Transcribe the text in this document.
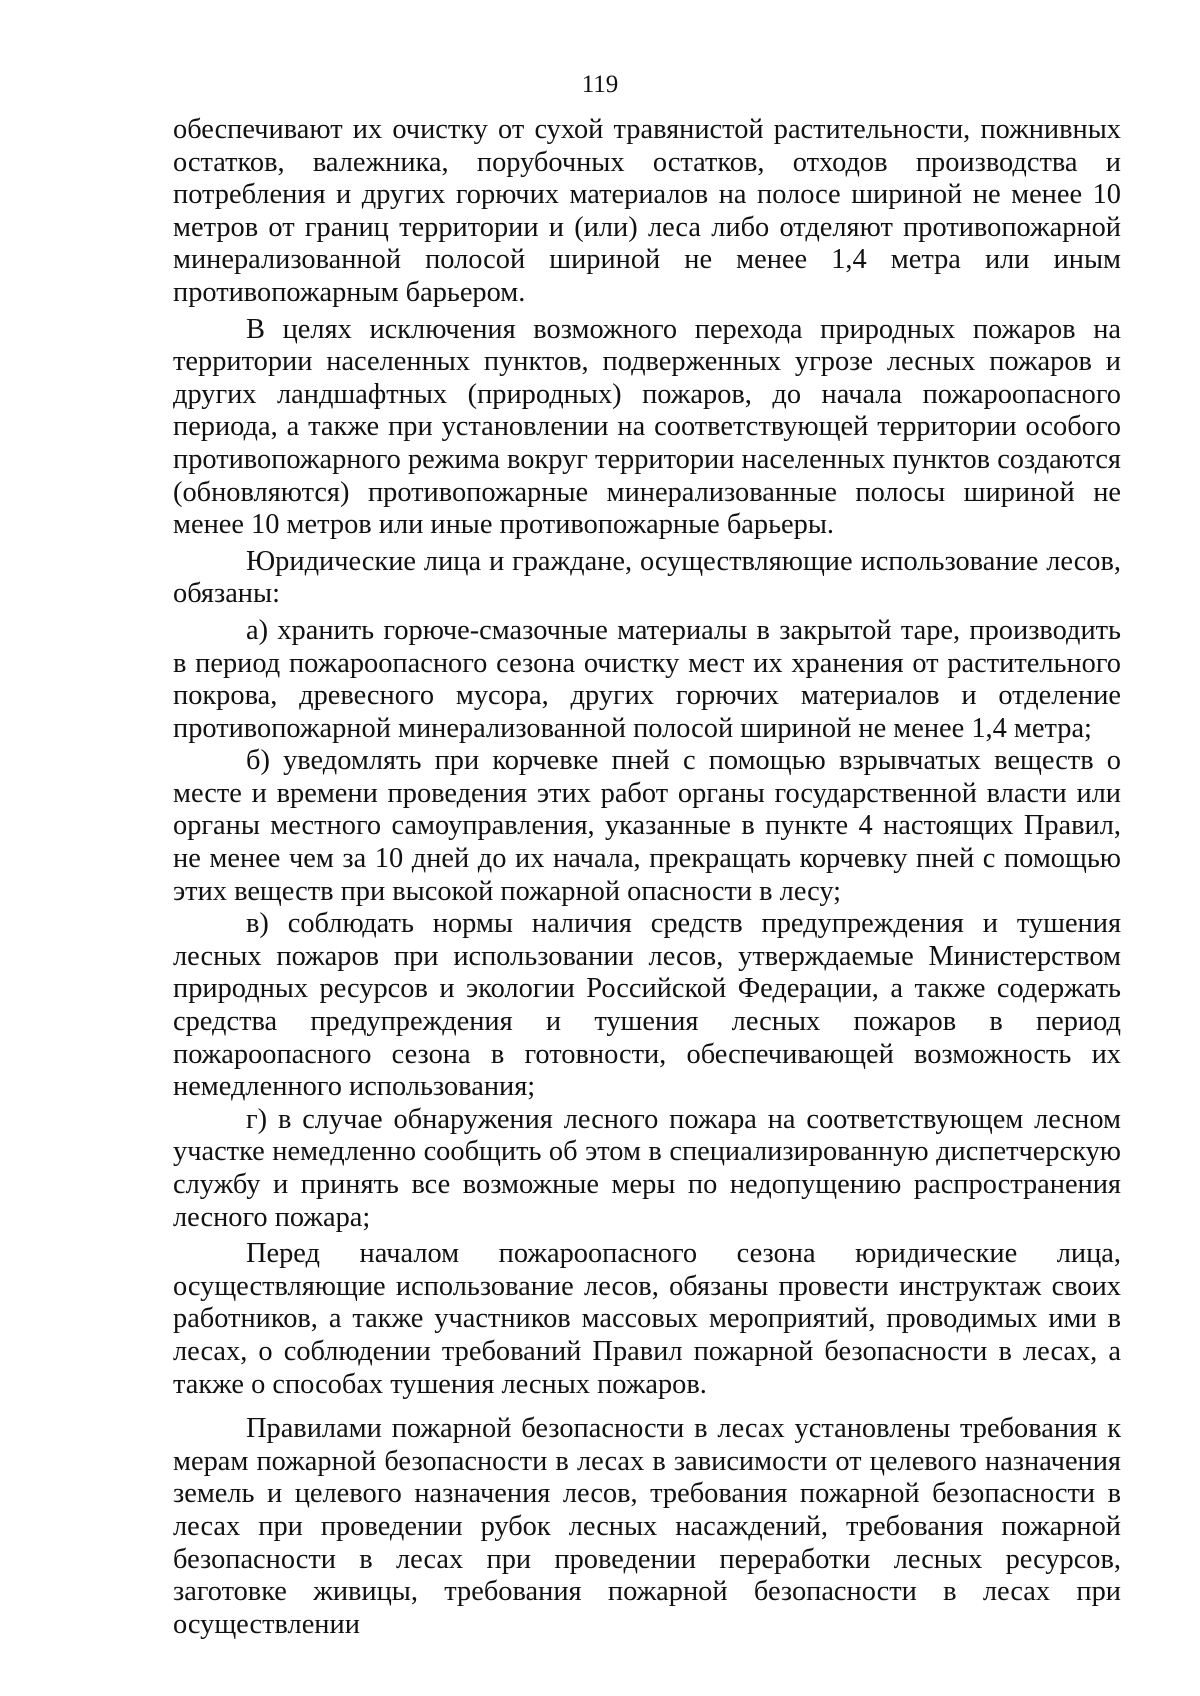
119

обеспечивают их очистку от сухой травянистой растительности, пожнивных остатков, валежника, порубочных остатков, отходов производства и потребления и других горючих материалов на полосе шириной не менее 10 метров от границ территории и (или) леса либо отделяют противопожарной минерализованной полосой шириной не менее 1,4 метра или иным противопожарным барьером.

В целях исключения возможного перехода природных пожаров на территории населенных пунктов, подверженных угрозе лесных пожаров и других ландшафтных (природных) пожаров, до начала пожароопасного периода, а также при установлении на соответствующей территории особого противопожарного режима вокруг территории населенных пунктов создаются (обновляются) противопожарные минерализованные полосы шириной не менее 10 метров или иные противопожарные барьеры.

Юридические лица и граждане, осуществляющие использование лесов, обязаны:

а) хранить горюче-смазочные материалы в закрытой таре, производить в период пожароопасного сезона очистку мест их хранения от растительного покрова, древесного мусора, других горючих материалов и отделение противопожарной минерализованной полосой шириной не менее 1,4 метра;

б) уведомлять при корчевке пней с помощью взрывчатых веществ о месте и времени проведения этих работ органы государственной власти или органы местного самоуправления, указанные в пункте 4 настоящих Правил, не менее чем за 10 дней до их начала, прекращать корчевку пней с помощью этих веществ при высокой пожарной опасности в лесу;

в) соблюдать нормы наличия средств предупреждения и тушения лесных пожаров при использовании лесов, утверждаемые Министерством природных ресурсов и экологии Российской Федерации, а также содержать средства предупреждения и тушения лесных пожаров в период пожароопасного сезона в готовности, обеспечивающей возможность их немедленного использования;

г) в случае обнаружения лесного пожара на соответствующем лесном участке немедленно сообщить об этом в специализированную диспетчерскую службу и принять все возможные меры по недопущению распространения лесного пожара;

Перед началом пожароопасного сезона юридические лица, осуществляющие использование лесов, обязаны провести инструктаж своих работников, а также участников массовых мероприятий, проводимых ими в лесах, о соблюдении требований Правил пожарной безопасности в лесах, а также о способах тушения лесных пожаров.

Правилами пожарной безопасности в лесах установлены требования к мерам пожарной безопасности в лесах в зависимости от целевого назначения земель и целевого назначения лесов, требования пожарной безопасности в лесах при проведении рубок лесных насаждений, требования пожарной безопасности в лесах при проведении переработки лесных ресурсов, заготовке живицы, требования пожарной безопасности в лесах при осуществлении
